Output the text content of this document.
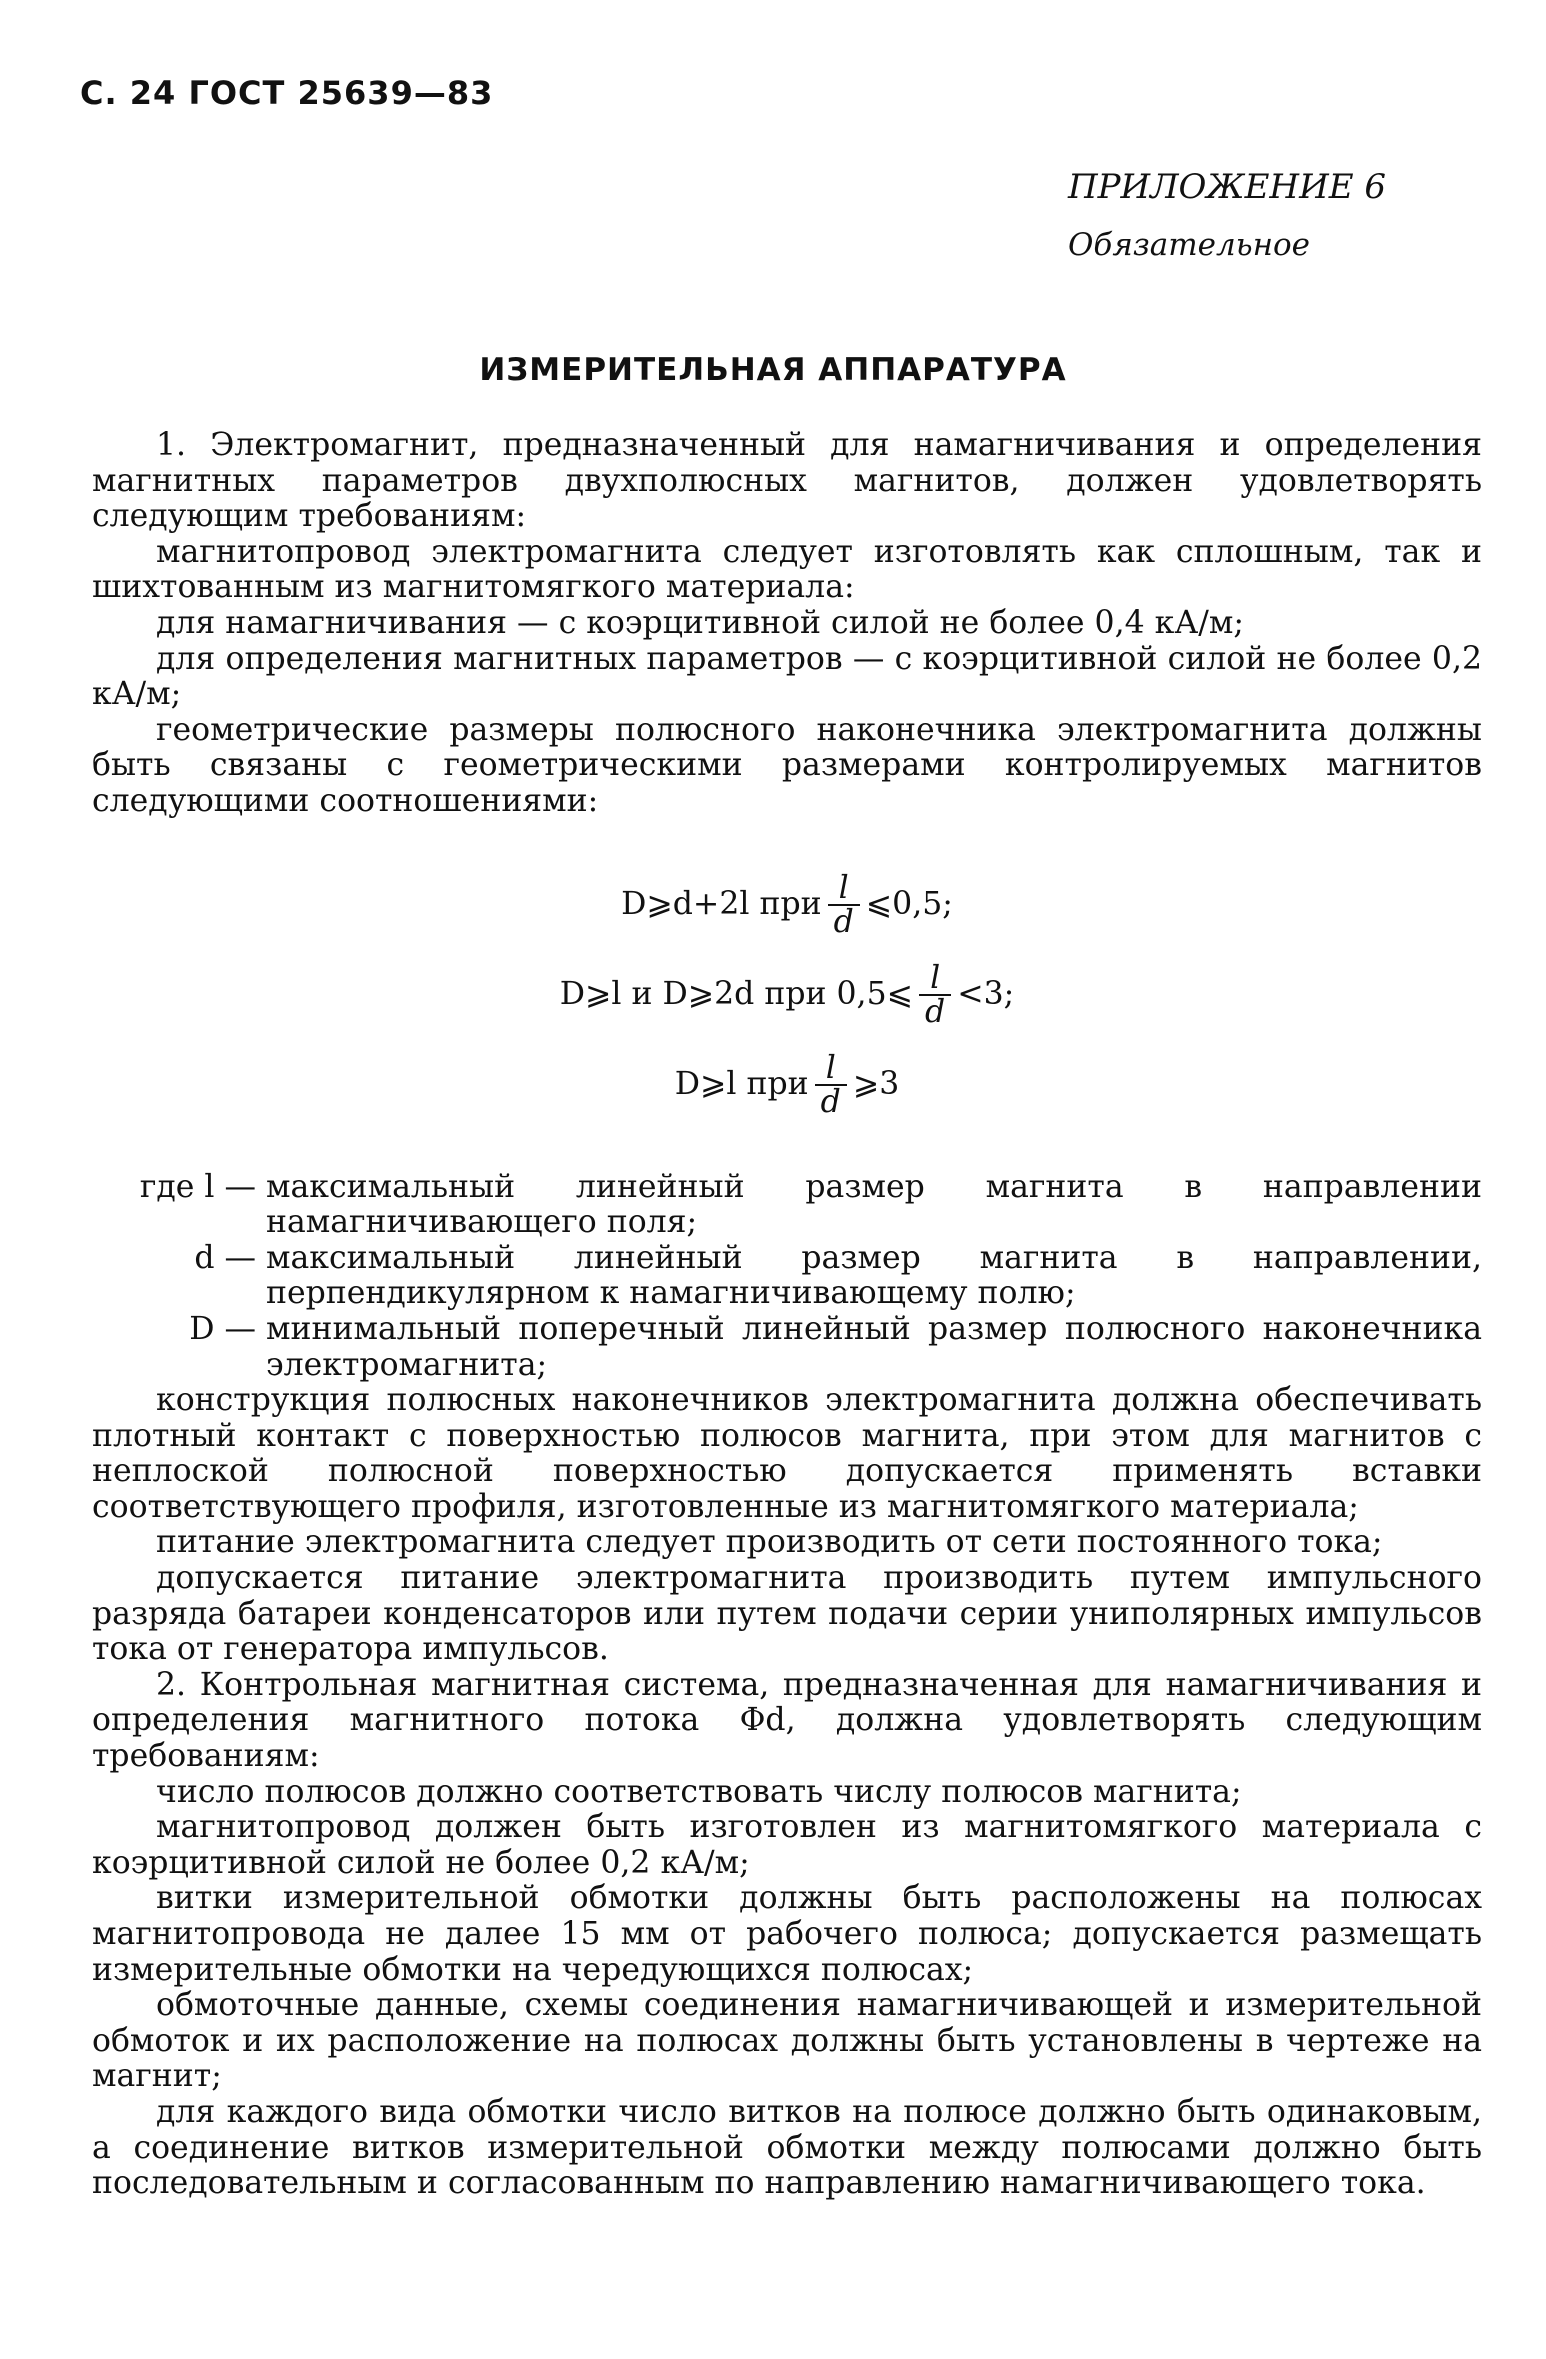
С. 24 ГОСТ 25639—83
ПРИЛОЖЕНИЕ 6
Обязательное
ИЗМЕРИТЕЛЬНАЯ АППАРАТУРА

1. Электромагнит, предназначенный для намагничивания и определения магнитных параметров двухполюсных магнитов, должен удовлетворять следующим требованиям:

магнитопровод электромагнита следует изготовлять как сплошным, так и шихтованным из магнитомягкого материала:

для намагничивания — с коэрцитивной силой не более 0,4 кА/м;

для определения магнитных параметров — с коэрцитивной силой не более 0,2 кА/м;

геометрические размеры полюсного наконечника электромагнита должны быть связаны с геометрическими размерами контролируемых магнитов следующими соотношениями:

D⩾d+2l при $\frac{l}{d}$ ⩽0,5;
D⩾l и D⩾2d при 0,5⩽ $\frac{l}{d} <3$;
D⩾l при $\frac{l}{d}$ ⩾3
где l — максимальный линейный размер магнита в направлении намагничивающего поля;
d — максимальный линейный размер магнита в направлении, перпендикулярном к намагничивающему полю;
D — минимальный поперечный линейный размер полюсного наконечника электромагнита;

конструкция полюсных наконечников электромагнита должна обеспечивать плотный контакт с поверхностью полюсов магнита, при этом для магнитов с неплоской полюсной поверхностью допускается применять вставки соответствующего профиля, изготовленные из магнитомягкого материала;

питание электромагнита следует производить от сети постоянного тока;

допускается питание электромагнита производить путем импульсного разряда батареи конденсаторов или путем подачи серии униполярных импульсов тока от генератора импульсов.

2. Контрольная магнитная система, предназначенная для намагничивания и определения магнитного потока Φd, должна удовлетворять следующим требованиям:

число полюсов должно соответствовать числу полюсов магнита;

магнитопровод должен быть изготовлен из магнитомягкого материала с коэрцитивной силой не более 0,2 кА/м;

витки измерительной обмотки должны быть расположены на полюсах магнитопровода не далее 15 мм от рабочего полюса; допускается размещать измерительные обмотки на чередующихся полюсах;

обмоточные данные, схемы соединения намагничивающей и измерительной обмоток и их расположение на полюсах должны быть установлены в чертеже на магнит;

для каждого вида обмотки число витков на полюсе должно быть одинаковым, а соединение витков измерительной обмотки между полюсами должно быть последовательным и согласованным по направлению намагничивающего тока.
